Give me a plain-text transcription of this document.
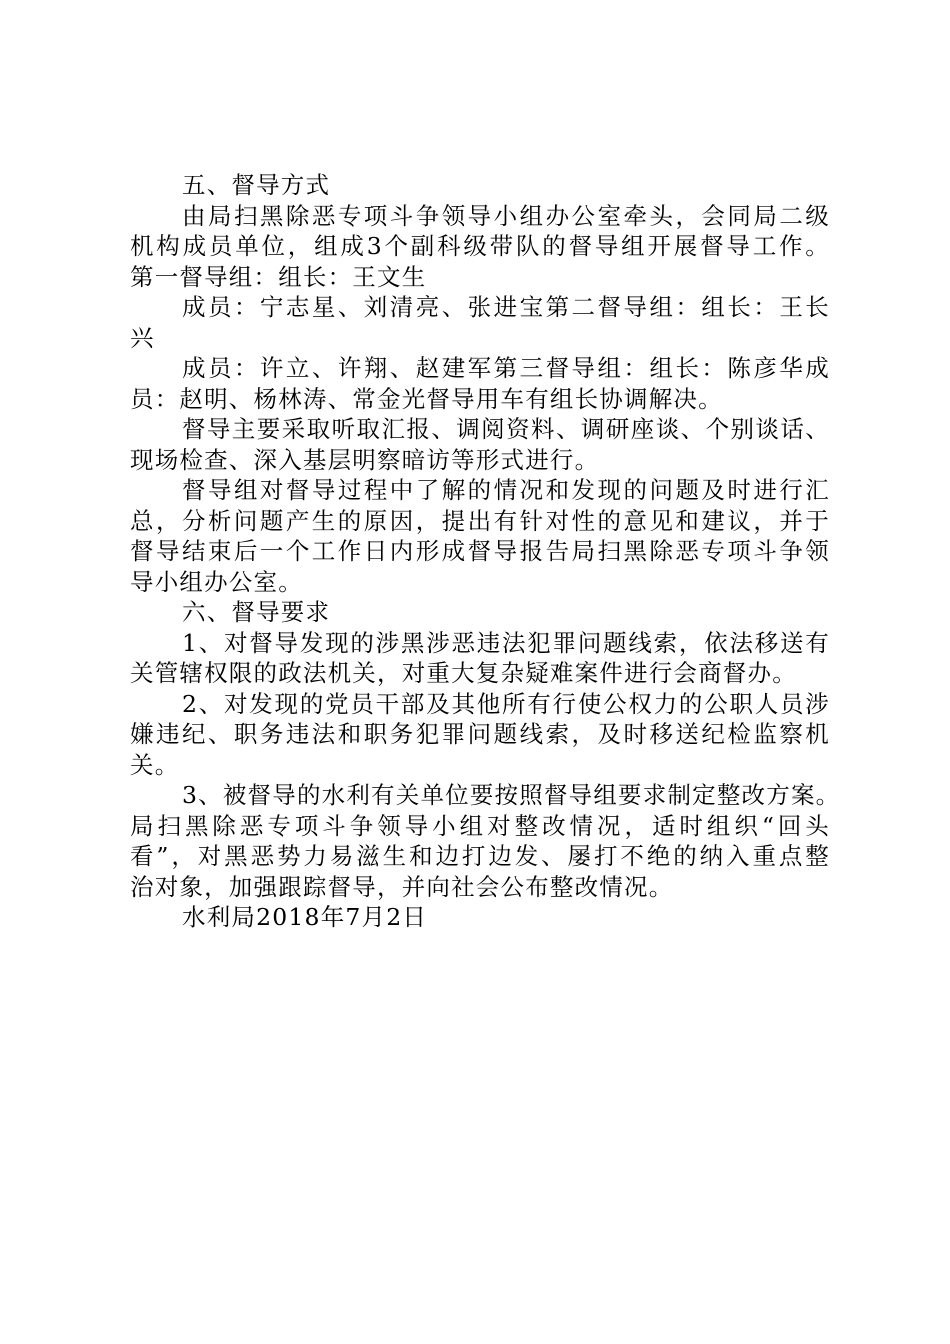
五、督导方式
由局扫黑除恶专项斗争领导小组办公室牵头，会同局二级
机构成员单位，组成3个副科级带队的督导组开展督导工作。
第一督导组：组长：王文生
成员：宁志星、刘清亮、张进宝第二督导组：组长：王长
兴
成员：许立、许翔、赵建军第三督导组：组长：陈彦华成
员：赵明、杨林涛、常金光督导用车有组长协调解决。
督导主要采取听取汇报、调阅资料、调研座谈、个别谈话、
现场检查、深入基层明察暗访等形式进行。
督导组对督导过程中了解的情况和发现的问题及时进行汇
总，分析问题产生的原因，提出有针对性的意见和建议，并于
督导结束后一个工作日内形成督导报告局扫黑除恶专项斗争领
导小组办公室。
六、督导要求
1、对督导发现的涉黑涉恶违法犯罪问题线索，依法移送有
关管辖权限的政法机关，对重大复杂疑难案件进行会商督办。
2、对发现的党员干部及其他所有行使公权力的公职人员涉
嫌违纪、职务违法和职务犯罪问题线索，及时移送纪检监察机
关。
3、被督导的水利有关单位要按照督导组要求制定整改方案。
局扫黑除恶专项斗争领导小组对整改情况，适时组织“回头
看”，对黑恶势力易滋生和边打边发、屡打不绝的纳入重点整
治对象，加强跟踪督导，并向社会公布整改情况。
水利局2018年7月2日
